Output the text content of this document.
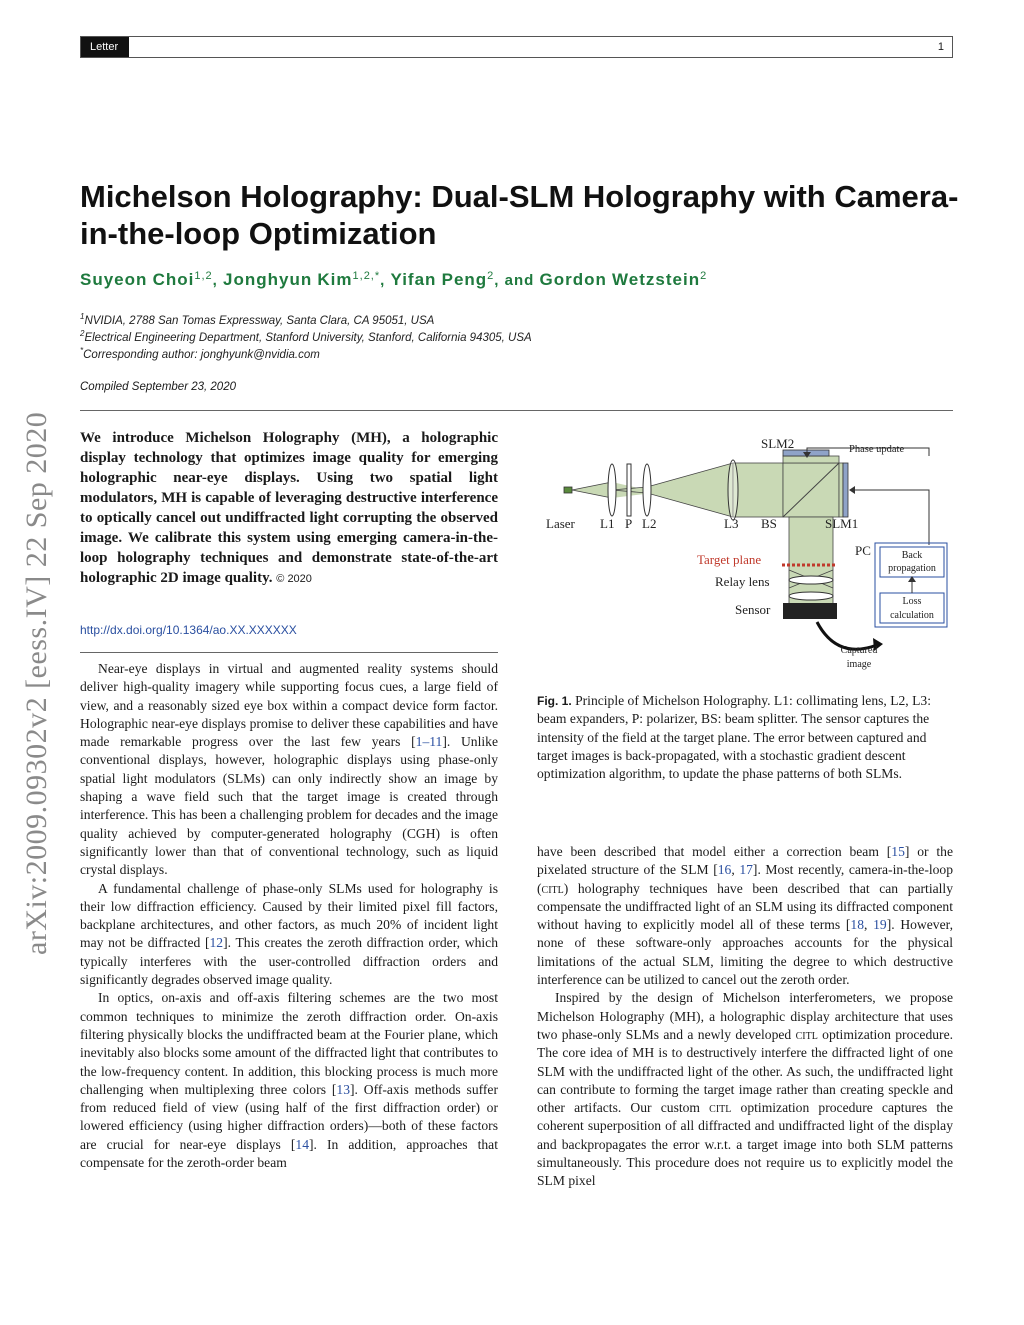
Letter	1
arXiv:2009.09302v2 [eess.IV] 22 Sep 2020
Michelson Holography: Dual-SLM Holography with Camera-in-the-loop Optimization
Suyeon Choi$^{1,2}$, Jonghyun Kim$^{1,2,*}$, Yifan Peng$^2$, and Gordon Wetzstein$^2$
$^1$NVIDIA, 2788 San Tomas Expressway, Santa Clara, CA 95051, USA
$^2$Electrical Engineering Department, Stanford University, Stanford, California 94305, USA
*Corresponding author: jonghyunk@nvidia.com
Compiled September 23, 2020
We introduce Michelson Holography (MH), a holographic display technology that optimizes image quality for emerging holographic near-eye displays. Using two spatial light modulators, MH is capable of leveraging destructive interference to optically cancel out undiffracted light corrupting the observed image. We calibrate this system using emerging camera-in-the-loop holography techniques and demonstrate state-of-the-art holographic 2D image quality. © 2020
http://dx.doi.org/10.1364/ao.XX.XXXXXX

Near-eye displays in virtual and augmented reality systems should deliver high-quality imagery while supporting focus cues, a large field of view, and a reasonably sized eye box within a compact device form factor. Holographic near-eye displays promise to deliver these capabilities and have made remarkable progress over the last few years [1–11]. Unlike conventional displays, however, holographic displays using phase-only spatial light modulators (SLMs) can only indirectly show an image by shaping a wave field such that the target image is created through interference. This has been a challenging problem for decades and the image quality achieved by computer-generated holography (CGH) is often significantly lower than that of conventional technology, such as liquid crystal displays.

A fundamental challenge of phase-only SLMs used for holography is their low diffraction efficiency. Caused by their limited pixel fill factors, backplane architectures, and other factors, as much 20% of incident light may not be diffracted [12]. This creates the zeroth diffraction order, which typically interferes with the user-controlled diffraction orders and significantly degrades observed image quality.

In optics, on-axis and off-axis filtering schemes are the two most common techniques to minimize the zeroth diffraction order. On-axis filtering physically blocks the undiffracted beam at the Fourier plane, which inevitably also blocks some amount of the diffracted light that contributes to the low-frequency content. In addition, this blocking process is much more challenging when multiplexing three colors [13]. Off-axis methods suffer from reduced field of view (using half of the first diffraction order) or lowered efficiency (using higher diffraction orders)—both of these factors are crucial for near-eye displays [14]. In addition, approaches that compensate for the zeroth-order beam

SLM2	Phase update
Laser L1 P L2	L3 BS	SLM1
PC	Back
propagation
Target plane
Relay lens
Loss
calculation
Sensor
Captured
image
Fig. 1. Principle of Michelson Holography. L1: collimating lens, L2, L3: beam expanders, P: polarizer, BS: beam splitter. The sensor captures the intensity of the field at the target plane. The error between captured and target images is back-propagated, with a stochastic gradient descent optimization algorithm, to update the phase patterns of both SLMs.

have been described that model either a correction beam [15] or the pixelated structure of the SLM [16, 17]. Most recently, camera-in-the-loop (citl) holography techniques have been described that can partially compensate the undiffracted light of an SLM using its diffracted component without having to explicitly model all of these terms [18, 19]. However, none of these software-only approaches accounts for the physical limitations of the actual SLM, limiting the degree to which destructive interference can be utilized to cancel out the zeroth order.

Inspired by the design of Michelson interferometers, we propose Michelson Holography (MH), a holographic display architecture that uses two phase-only SLMs and a newly developed citl optimization procedure. The core idea of MH is to destructively interfere the diffracted light of one SLM with the undiffracted light of the other. As such, the undiffracted light can contribute to forming the target image rather than creating speckle and other artifacts. Our custom citl optimization procedure captures the coherent superposition of all diffracted and undiffracted light of the display and backpropagates the error w.r.t. a target image into both SLM patterns simultaneously. This procedure does not require us to explicitly model the SLM pixel
